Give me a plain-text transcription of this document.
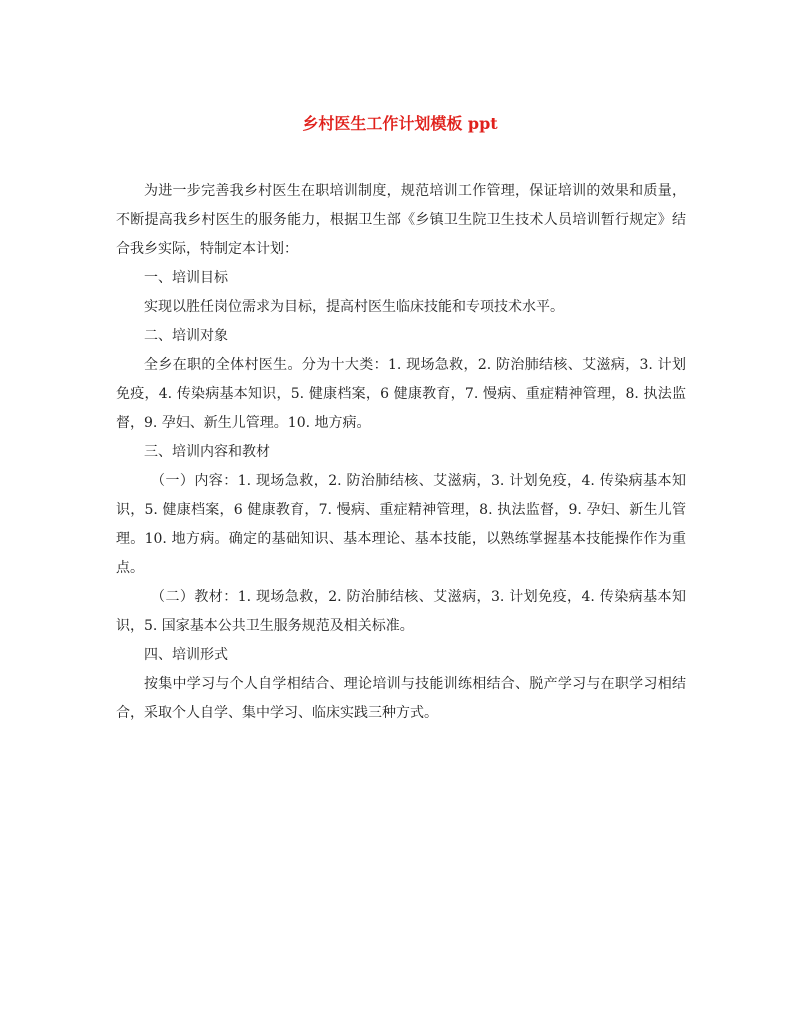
乡村医生工作计划模板 ppt

为进一步完善我乡村医生在职培训制度，规范培训工作管理，保证培训的效果和质量，不断提高我乡村医生的服务能力，根据卫生部《乡镇卫生院卫生技术人员培训暂行规定》结合我乡实际，特制定本计划：

一、培训目标

实现以胜任岗位需求为目标，提高村医生临床技能和专项技术水平。

二、培训对象

全乡在职的全体村医生。分为十大类：1. 现场急救，2. 防治肺结核、艾滋病，3. 计划免疫，4. 传染病基本知识，5. 健康档案，6 健康教育，7. 慢病、重症精神管理，8. 执法监督，9. 孕妇、新生儿管理。10. 地方病。

三、培训内容和教材

（一）内容：1. 现场急救，2. 防治肺结核、艾滋病，3. 计划免疫，4. 传染病基本知识，5. 健康档案，6 健康教育，7. 慢病、重症精神管理，8. 执法监督，9. 孕妇、新生儿管理。10. 地方病。确定的基础知识、基本理论、基本技能，以熟练掌握基本技能操作作为重点。

（二）教材：1. 现场急救，2. 防治肺结核、艾滋病，3. 计划免疫，4. 传染病基本知识，5. 国家基本公共卫生服务规范及相关标准。

四、培训形式

按集中学习与个人自学相结合、理论培训与技能训练相结合、脱产学习与在职学习相结合，采取个人自学、集中学习、临床实践三种方式。
